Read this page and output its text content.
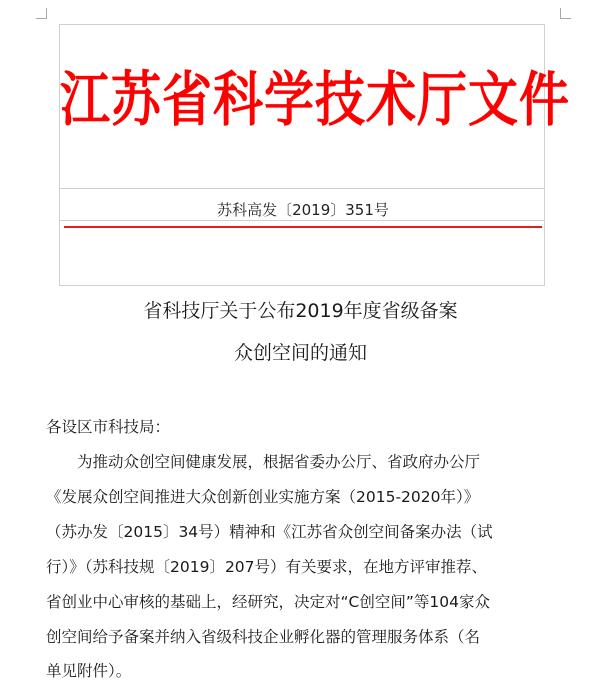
江苏省科学技术厅文件
苏科高发〔2019〕351号
省科技厅关于公布2019年度省级备案
众创空间的通知
各设区市科技局：
为推动众创空间健康发展，根据省委办公厅、省政府办公厅
《发展众创空间推进大众创新创业实施方案（2015-2020年）》
（苏办发〔2015〕34号）精神和《江苏省众创空间备案办法（试
行）》（苏科技规〔2019〕207号）有关要求，在地方评审推荐、
省创业中心审核的基础上，经研究，决定对“C创空间”等104家众
创空间给予备案并纳入省级科技企业孵化器的管理服务体系（名
单见附件）。
